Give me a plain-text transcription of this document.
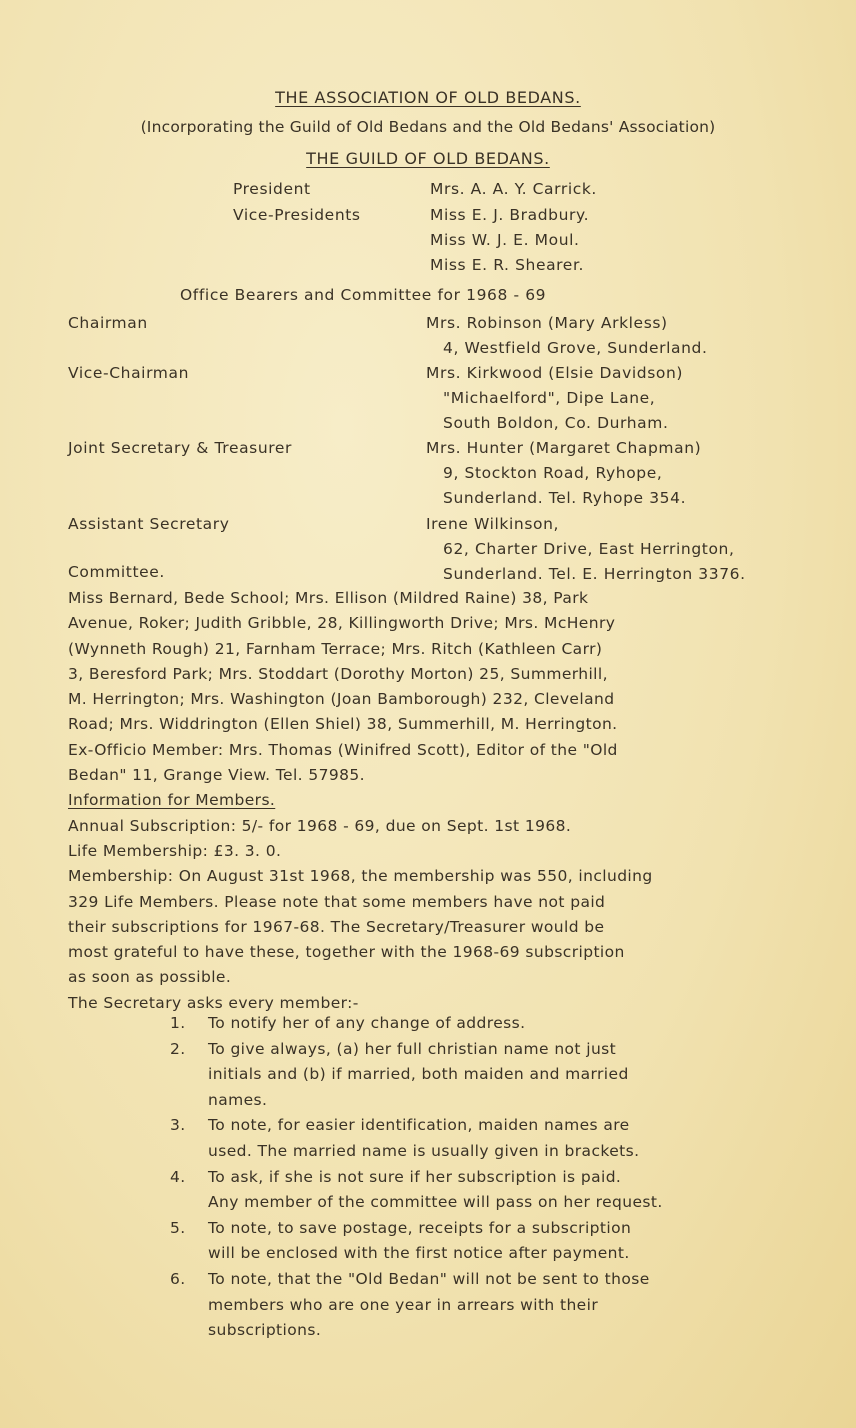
THE ASSOCIATION OF OLD BEDANS.
(Incorporating the Guild of Old Bedans and the Old Bedans' Association)
THE GUILD OF OLD BEDANS.
President	Mrs. A. A. Y. Carrick.
Vice-Presidents	Miss E. J. Bradbury.
Miss W. J. E. Moul.
Miss E. R. Shearer.
Office Bearers and Committee for 1968 - 69
Chairman	Mrs. Robinson (Mary Arkless)
4, Westfield Grove, Sunderland.
Vice-Chairman	Mrs. Kirkwood (Elsie Davidson)
"Michaelford", Dipe Lane,
South Boldon, Co. Durham.
Joint Secretary & Treasurer	Mrs. Hunter (Margaret Chapman)
9, Stockton Road, Ryhope,
Sunderland. Tel. Ryhope 354.
Assistant Secretary	Irene Wilkinson,
62, Charter Drive, East Herrington,
Sunderland. Tel. E. Herrington 3376.
Committee.

Miss Bernard, Bede School; Mrs. Ellison (Mildred Raine) 38, Park

Avenue, Roker; Judith Gribble, 28, Killingworth Drive; Mrs. McHenry

(Wynneth Rough) 21, Farnham Terrace; Mrs. Ritch (Kathleen Carr)

3, Beresford Park; Mrs. Stoddart (Dorothy Morton) 25, Summerhill,

M. Herrington; Mrs. Washington (Joan Bamborough) 232, Cleveland

Road; Mrs. Widdrington (Ellen Shiel) 38, Summerhill, M. Herrington.

Ex-Officio Member: Mrs. Thomas (Winifred Scott), Editor of the "Old

Bedan" 11, Grange View. Tel. 57985.

Information for Members.

Annual Subscription: 5/- for 1968 - 69, due on Sept. 1st 1968.

Life Membership: £3. 3. 0.

Membership: On August 31st 1968, the membership was 550, including

329 Life Members. Please note that some members have not paid

their subscriptions for 1967-68. The Secretary/Treasurer would be

most grateful to have these, together with the 1968-69 subscription

as soon as possible.

The Secretary asks every member:-

1.	To notify her of any change of address.
2.	To give always, (a) her full christian name not just
initials and (b) if married, both maiden and married
names.
3.	To note, for easier identification, maiden names are
used. The married name is usually given in brackets.
4.	To ask, if she is not sure if her subscription is paid.
Any member of the committee will pass on her request.
5.	To note, to save postage, receipts for a subscription
will be enclosed with the first notice after payment.
6.	To note, that the "Old Bedan" will not be sent to those
members who are one year in arrears with their
subscriptions.
